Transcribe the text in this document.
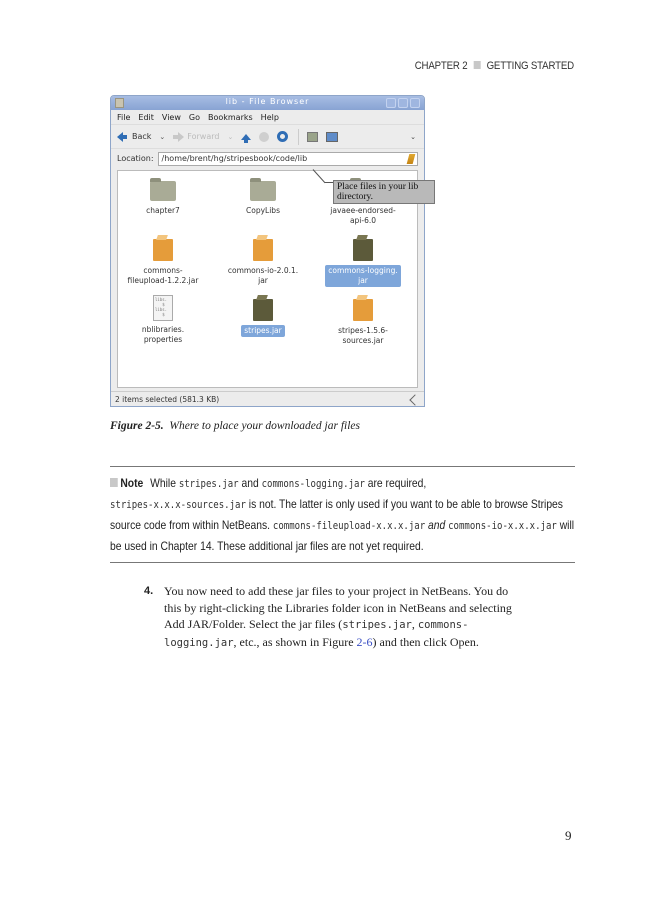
CHAPTER 2 GETTING STARTED
lib - File Browser
File Edit View Go Bookmarks Help
Back ⌄	Forward ⌄	⌄
Location:	/home/brent/hg/stripesbook/code/lib
chapter7	CopyLibs	javaee-endorsed-
api-6.0
commons-
fileupload-1.2.2.jar
commons-io-2.0.1.
jar
commons-logging.
jar
libs.
$
libs.
$
nblibraries.
properties
stripes.jar	stripes-1.5.6-
sources.jar
2 items selected (581.3 KB)
Place files in your lib directory.
Figure 2-5. Where to place your downloaded jar files
Note While stripes.jar and commons-logging.jar are required,
stripes-x.x.x-sources.jar is not. The latter is only used if you want to be able to browse Stripes source code from within NetBeans. commons-fileupload-x.x.x.jar and commons-io-x.x.x.jar will be used in Chapter 14. These additional jar files are not yet required.
4. You now need to add these jar files to your project in NetBeans. You do this by right-clicking the Libraries folder icon in NetBeans and selecting Add JAR/Folder. Select the jar files (stripes.jar, commons-logging.jar, etc., as shown in Figure 2-6) and then click Open.
9
